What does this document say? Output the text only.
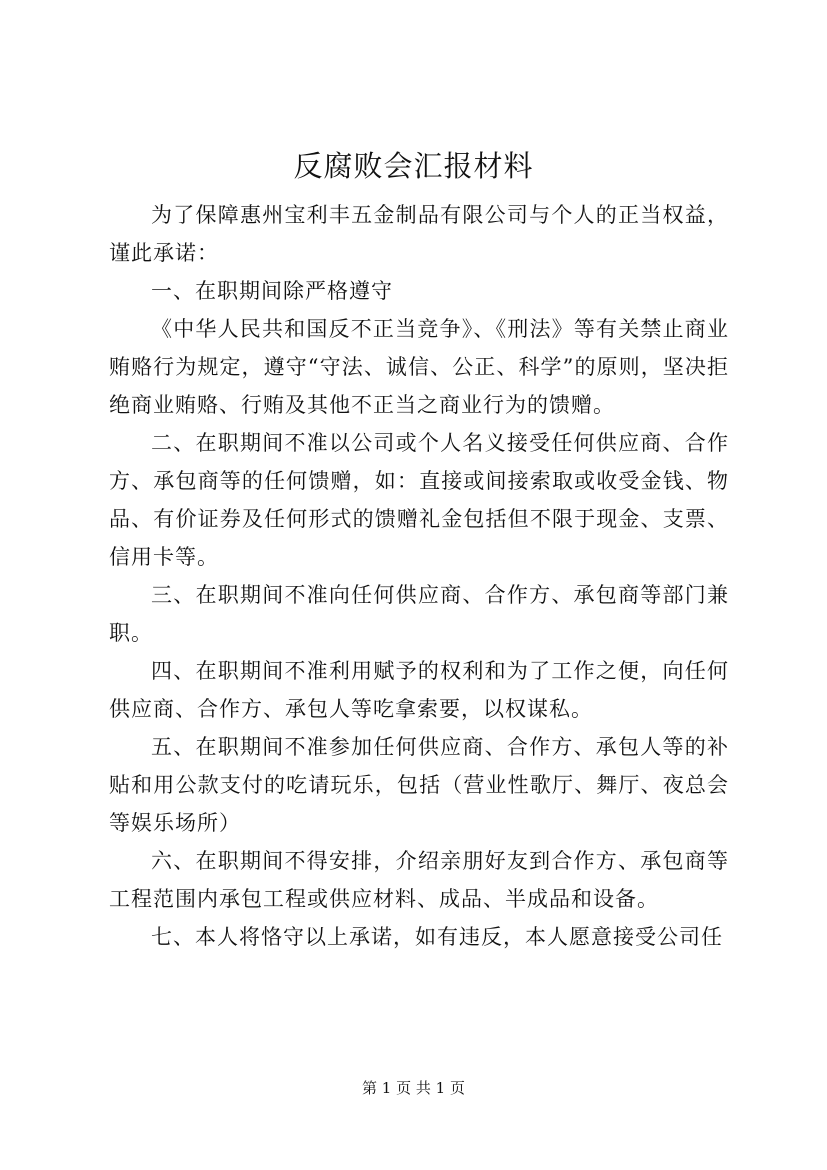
反腐败会汇报材料

为了保障惠州宝利丰五金制品有限公司与个人的正当权益，谨此承诺：

一、在职期间除严格遵守

《中华人民共和国反不正当竞争》、《刑法》等有关禁止商业贿赂行为规定，遵守“守法、诚信、公正、科学”的原则，坚决拒绝商业贿赂、行贿及其他不正当之商业行为的馈赠。

二、在职期间不准以公司或个人名义接受任何供应商、合作方、承包商等的任何馈赠，如：直接或间接索取或收受金钱、物品、有价证券及任何形式的馈赠礼金包括但不限于现金、支票、信用卡等。

三、在职期间不准向任何供应商、合作方、承包商等部门兼职。

四、在职期间不准利用赋予的权利和为了工作之便，向任何供应商、合作方、承包人等吃拿索要，以权谋私。

五、在职期间不准参加任何供应商、合作方、承包人等的补贴和用公款支付的吃请玩乐，包括（营业性歌厅、舞厅、夜总会等娱乐场所）

六、在职期间不得安排，介绍亲朋好友到合作方、承包商等工程范围内承包工程或供应材料、成品、半成品和设备。

七、本人将恪守以上承诺，如有违反，本人愿意接受公司任

第 1 页 共 1 页
